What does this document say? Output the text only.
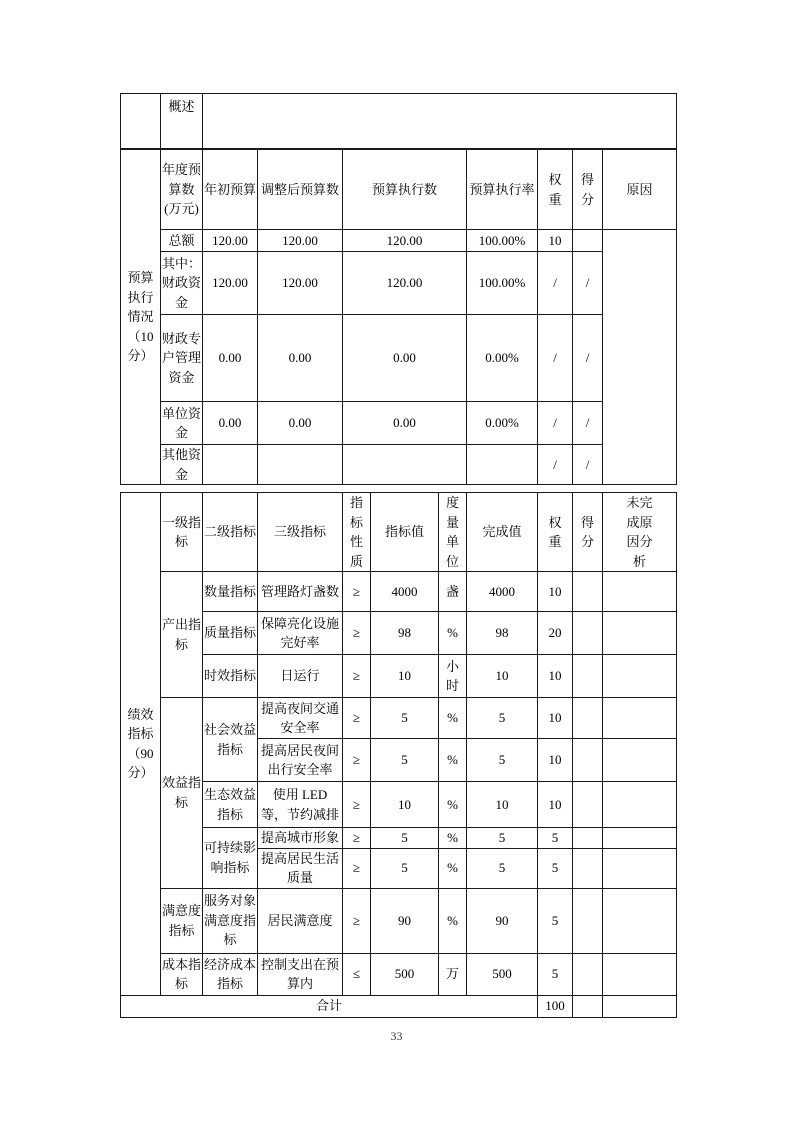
	概述	
预算执行情况（10分）	年度预算数(万元)	年初预算	调整后预算数	预算执行数	预算执行率	权重	得分	原因
	总额	120.00	120.00	120.00	100.00%	10		
	其中：财政资金	120.00	120.00	120.00	100.00%	/	/	
	财政专户管理资金	0.00	0.00	0.00	0.00%	/	/	
	单位资金	0.00	0.00	0.00	0.00%	/	/	
	其他资金					/	/	
绩效指标（90分）	一级指标	二级指标	三级指标	指标性质	指标值	度量单位	完成值	权重	得分	未完成原因分析
	产出指标	数量指标	管理路灯盏数	≥	4000	盏	4000	10		
		质量指标	保障亮化设施完好率	≥	98	%	98	20		
		时效指标	日运行	≥	10	小时	10	10		
	效益指标	社会效益指标	提高夜间交通安全率	≥	5	%	5	10		
			提高居民夜间出行安全率	≥	5	%	5	10		
		生态效益指标	使用 LED 等，节约减排	≥	10	%	10	10		
		可持续影响指标	提高城市形象	≥	5	%	5	5		
			提高居民生活质量	≥	5	%	5	5		
	满意度指标	服务对象满意度指标	居民满意度	≥	90	%	90	5		
	成本指标	经济成本指标	控制支出在预算内	≤	500	万	500	5		
合计								100		
33
